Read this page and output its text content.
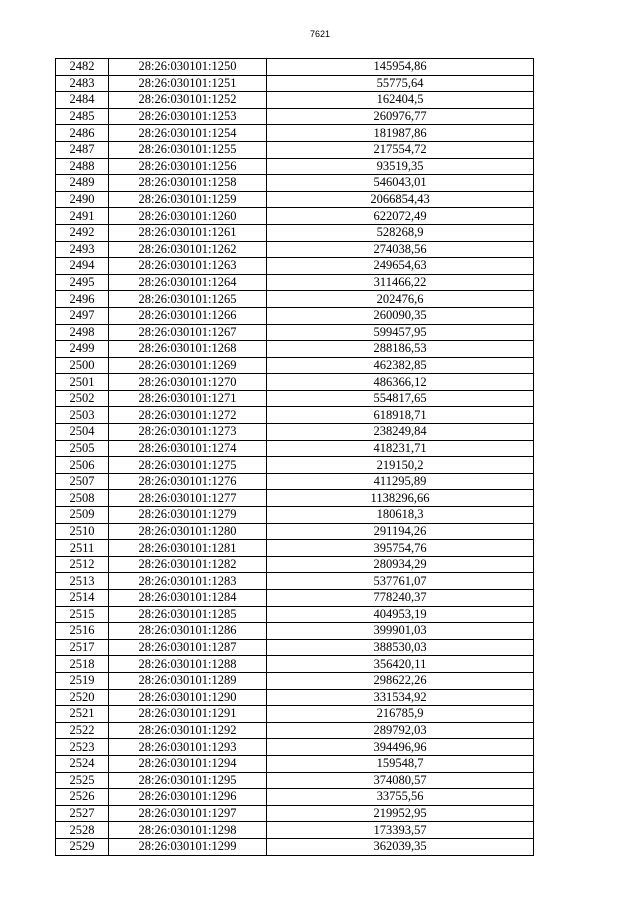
7621
2482	28:26:030101:1250	145954,86
2483	28:26:030101:1251	55775,64
2484	28:26:030101:1252	162404,5
2485	28:26:030101:1253	260976,77
2486	28:26:030101:1254	181987,86
2487	28:26:030101:1255	217554,72
2488	28:26:030101:1256	93519,35
2489	28:26:030101:1258	546043,01
2490	28:26:030101:1259	2066854,43
2491	28:26:030101:1260	622072,49
2492	28:26:030101:1261	528268,9
2493	28:26:030101:1262	274038,56
2494	28:26:030101:1263	249654,63
2495	28:26:030101:1264	311466,22
2496	28:26:030101:1265	202476,6
2497	28:26:030101:1266	260090,35
2498	28:26:030101:1267	599457,95
2499	28:26:030101:1268	288186,53
2500	28:26:030101:1269	462382,85
2501	28:26:030101:1270	486366,12
2502	28:26:030101:1271	554817,65
2503	28:26:030101:1272	618918,71
2504	28:26:030101:1273	238249,84
2505	28:26:030101:1274	418231,71
2506	28:26:030101:1275	219150,2
2507	28:26:030101:1276	411295,89
2508	28:26:030101:1277	1138296,66
2509	28:26:030101:1279	180618,3
2510	28:26:030101:1280	291194,26
2511	28:26:030101:1281	395754,76
2512	28:26:030101:1282	280934,29
2513	28:26:030101:1283	537761,07
2514	28:26:030101:1284	778240,37
2515	28:26:030101:1285	404953,19
2516	28:26:030101:1286	399901,03
2517	28:26:030101:1287	388530,03
2518	28:26:030101:1288	356420,11
2519	28:26:030101:1289	298622,26
2520	28:26:030101:1290	331534,92
2521	28:26:030101:1291	216785,9
2522	28:26:030101:1292	289792,03
2523	28:26:030101:1293	394496,96
2524	28:26:030101:1294	159548,7
2525	28:26:030101:1295	374080,57
2526	28:26:030101:1296	33755,56
2527	28:26:030101:1297	219952,95
2528	28:26:030101:1298	173393,57
2529	28:26:030101:1299	362039,35
